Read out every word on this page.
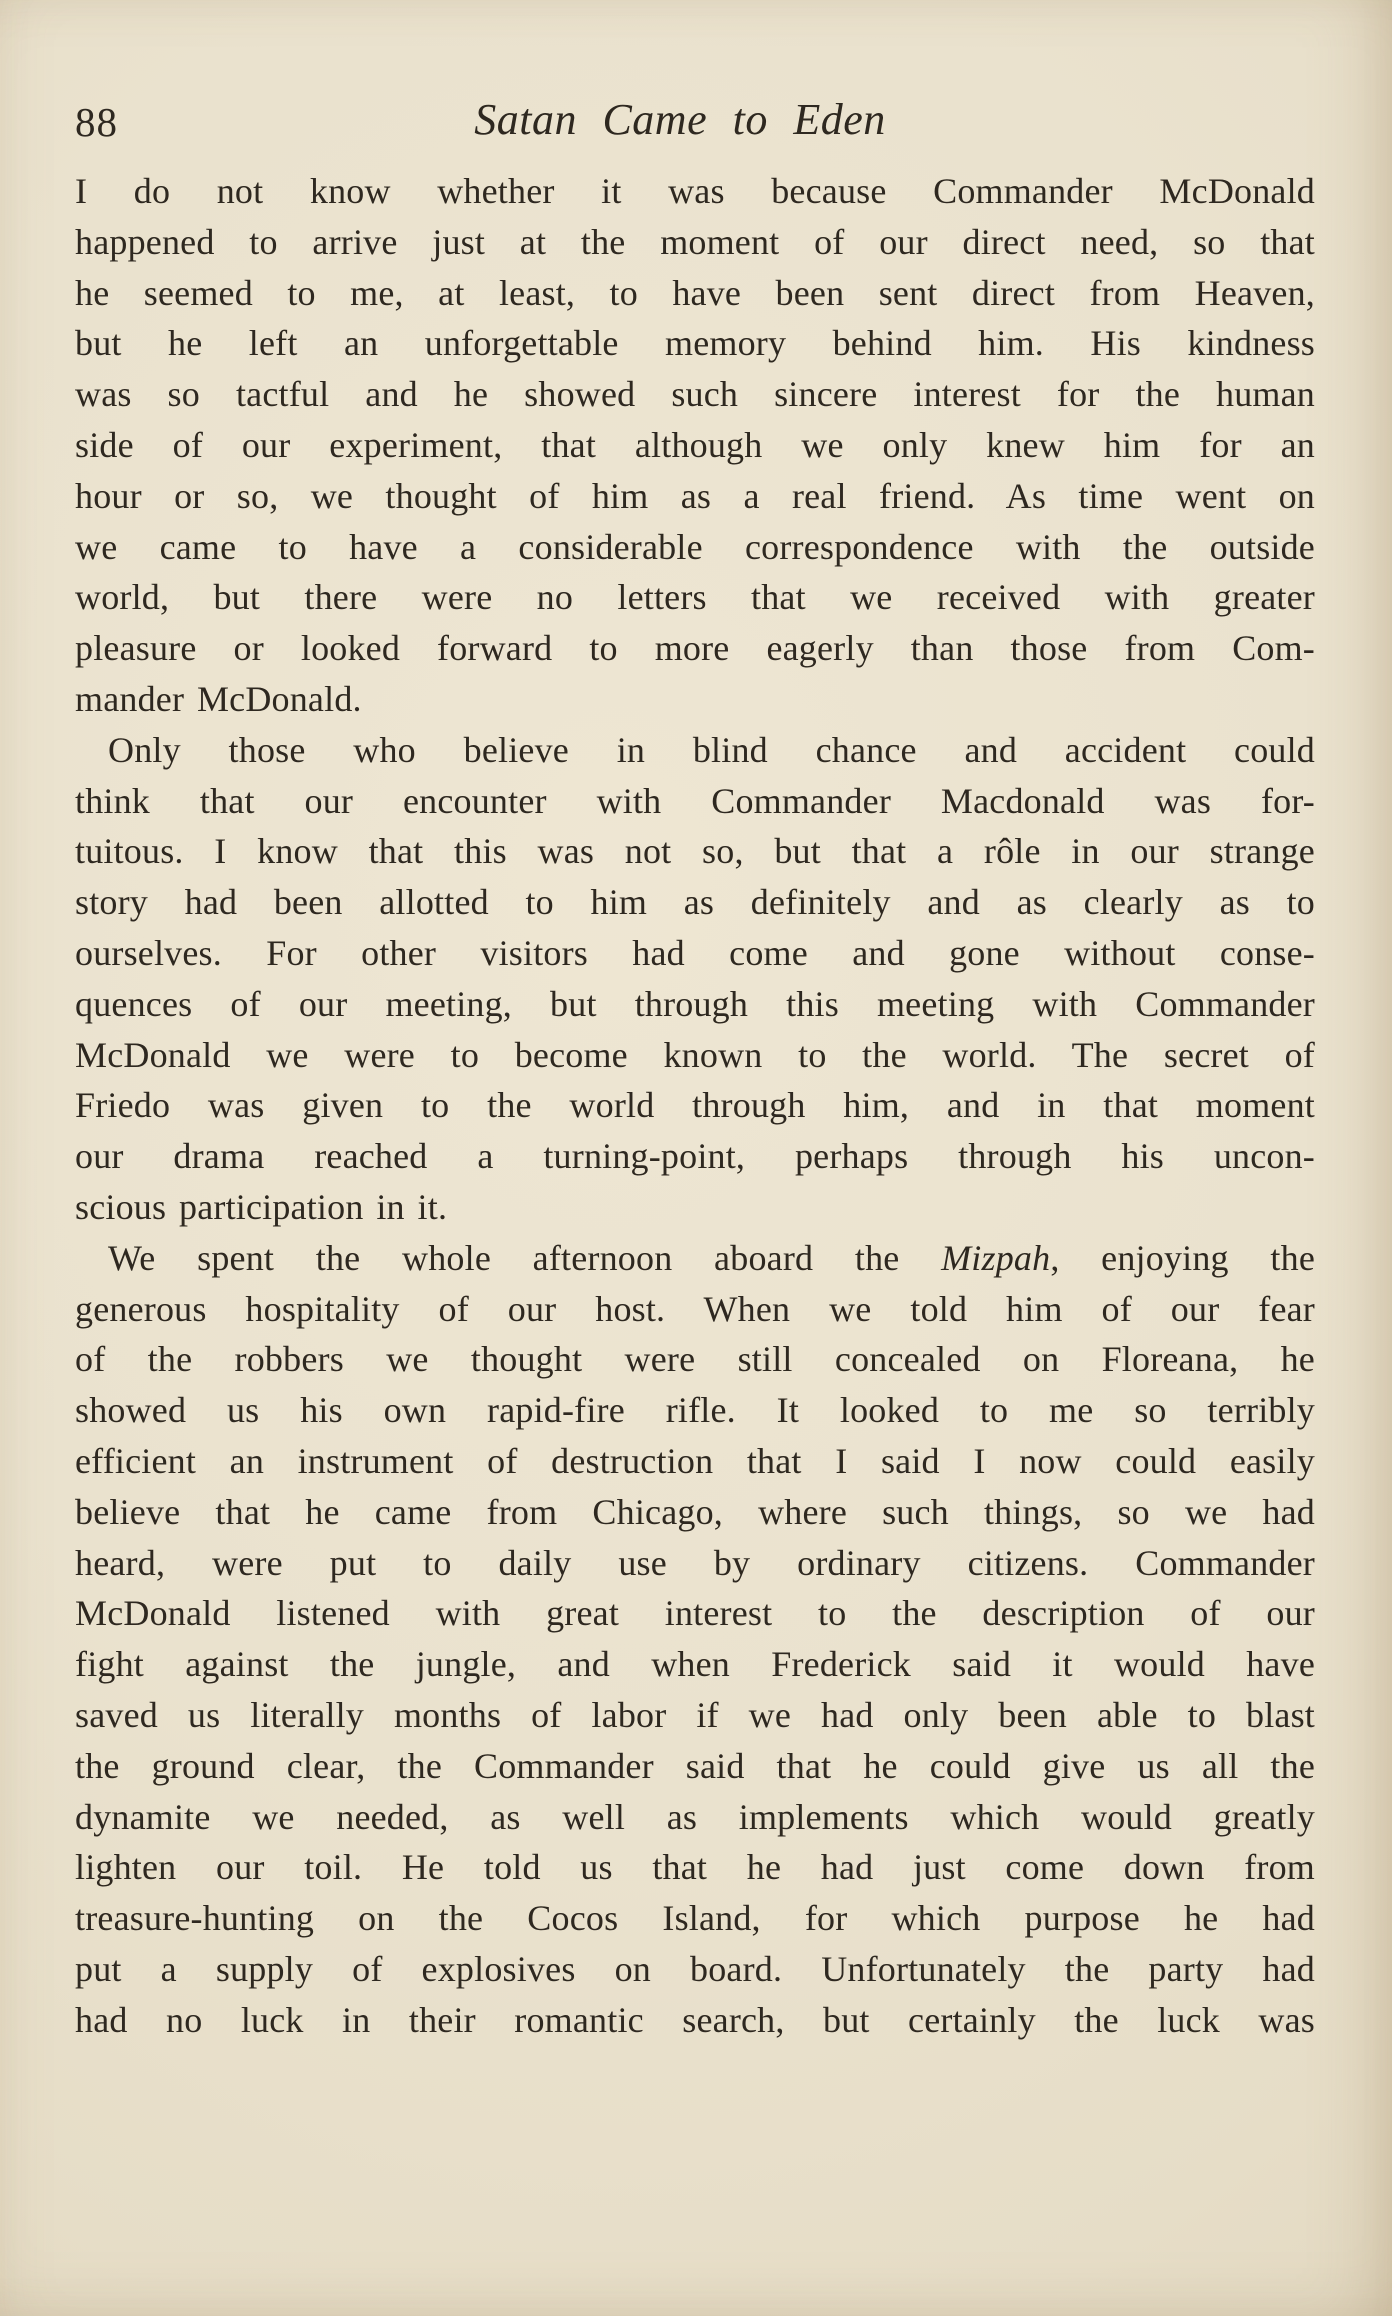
88	Satan Came to Eden
I do not know whether it was because Commander McDonald
happened to arrive just at the moment of our direct need, so that
he seemed to me, at least, to have been sent direct from Heaven,
but he left an unforgettable memory behind him. His kindness
was so tactful and he showed such sincere interest for the human
side of our experiment, that although we only knew him for an
hour or so, we thought of him as a real friend. As time went on
we came to have a considerable correspondence with the outside
world, but there were no letters that we received with greater
pleasure or looked forward to more eagerly than those from Com-
mander McDonald.
Only those who believe in blind chance and accident could
think that our encounter with Commander Macdonald was for-
tuitous. I know that this was not so, but that a rôle in our strange
story had been allotted to him as definitely and as clearly as to
ourselves. For other visitors had come and gone without conse-
quences of our meeting, but through this meeting with Commander
McDonald we were to become known to the world. The secret of
Friedo was given to the world through him, and in that moment
our drama reached a turning-point, perhaps through his uncon-
scious participation in it.
We spent the whole afternoon aboard the Mizpah, enjoying the
generous hospitality of our host. When we told him of our fear
of the robbers we thought were still concealed on Floreana, he
showed us his own rapid-fire rifle. It looked to me so terribly
efficient an instrument of destruction that I said I now could easily
believe that he came from Chicago, where such things, so we had
heard, were put to daily use by ordinary citizens. Commander
McDonald listened with great interest to the description of our
fight against the jungle, and when Frederick said it would have
saved us literally months of labor if we had only been able to blast
the ground clear, the Commander said that he could give us all the
dynamite we needed, as well as implements which would greatly
lighten our toil. He told us that he had just come down from
treasure-hunting on the Cocos Island, for which purpose he had
put a supply of explosives on board. Unfortunately the party had
had no luck in their romantic search, but certainly the luck was
